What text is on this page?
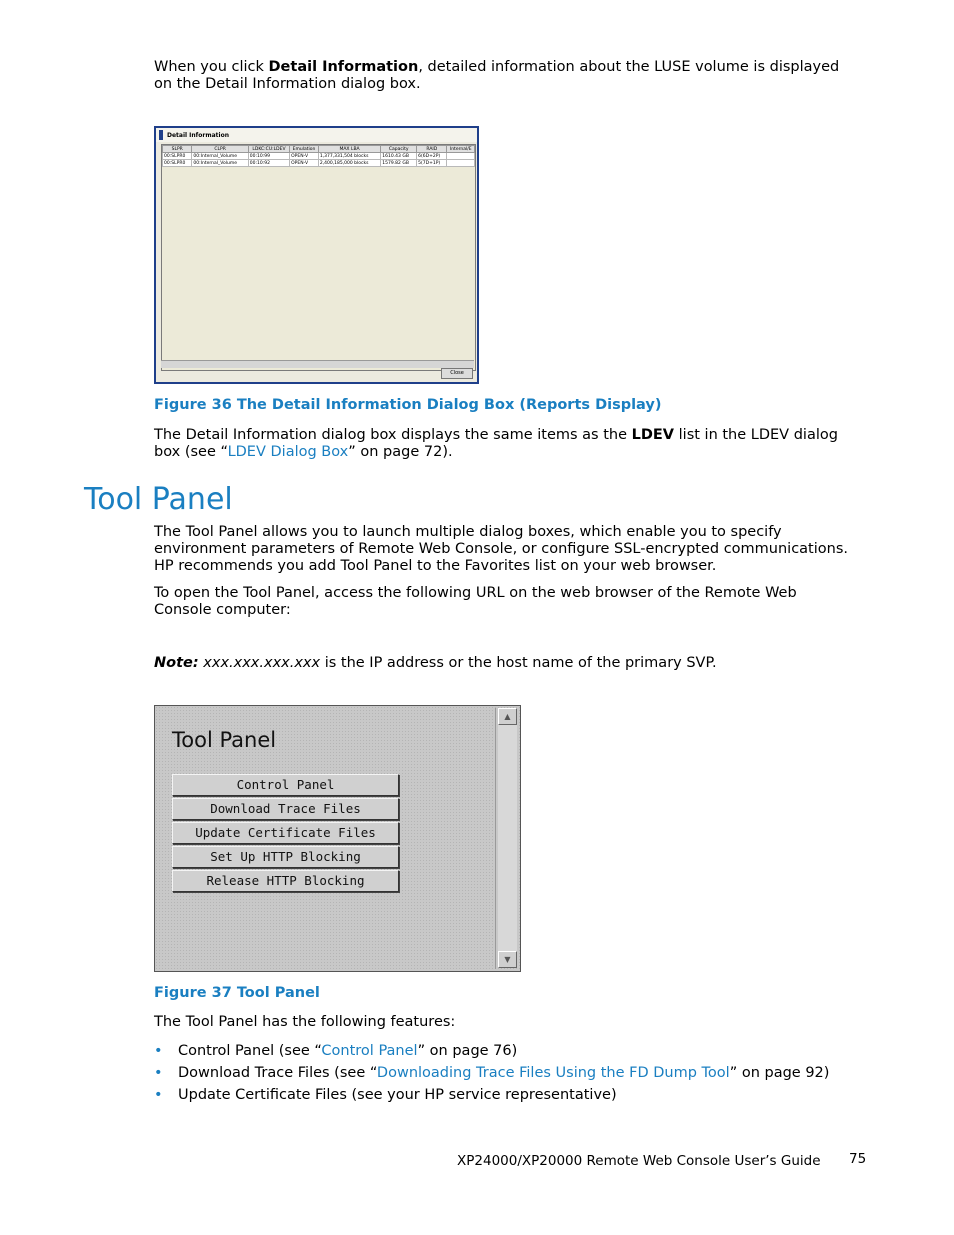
When you click Detail Information, detailed information about the LUSE volume is displayed on the Detail Information dialog box.
Detail Information
SLPR	CLPR	LDKC:CU:LDEV	Emulation	MAX LBA	Capacity	RAID	Internal/E
00:SLPR0	00:Internal_Volume	00:10:99	OPEN-V	1,377,331,504 blocks	1610.43 GB	6(6D+2P)	
00:SLPR0	00:Internal_Volume	00:10:92	OPEN-V	2,400,185,000 blocks	1579.82 GB	5(7D+1P)	
Close
Figure 36 The Detail Information Dialog Box (Reports Display)
The Detail Information dialog box displays the same items as the LDEV list in the LDEV dialog box (see “LDEV Dialog Box” on page 72).
Tool Panel
The Tool Panel allows you to launch multiple dialog boxes, which enable you to specify environment parameters of Remote Web Console, or configure SSL-encrypted communications. HP recommends you add Tool Panel to the Favorites list on your web browser.
To open the Tool Panel, access the following URL on the web browser of the Remote Web Console computer:
Note: xxx.xxx.xxx.xxx is the IP address or the host name of the primary SVP.
Tool Panel
Control Panel
Download Trace Files
Update Certificate Files
Set Up HTTP Blocking
Release HTTP Blocking
▲
▼
Figure 37 Tool Panel
The Tool Panel has the following features:
• Control Panel (see “Control Panel” on page 76)
• Download Trace Files (see “Downloading Trace Files Using the FD Dump Tool” on page 92)
• Update Certificate Files (see your HP service representative)
XP24000/XP20000 Remote Web Console User’s Guide 75
